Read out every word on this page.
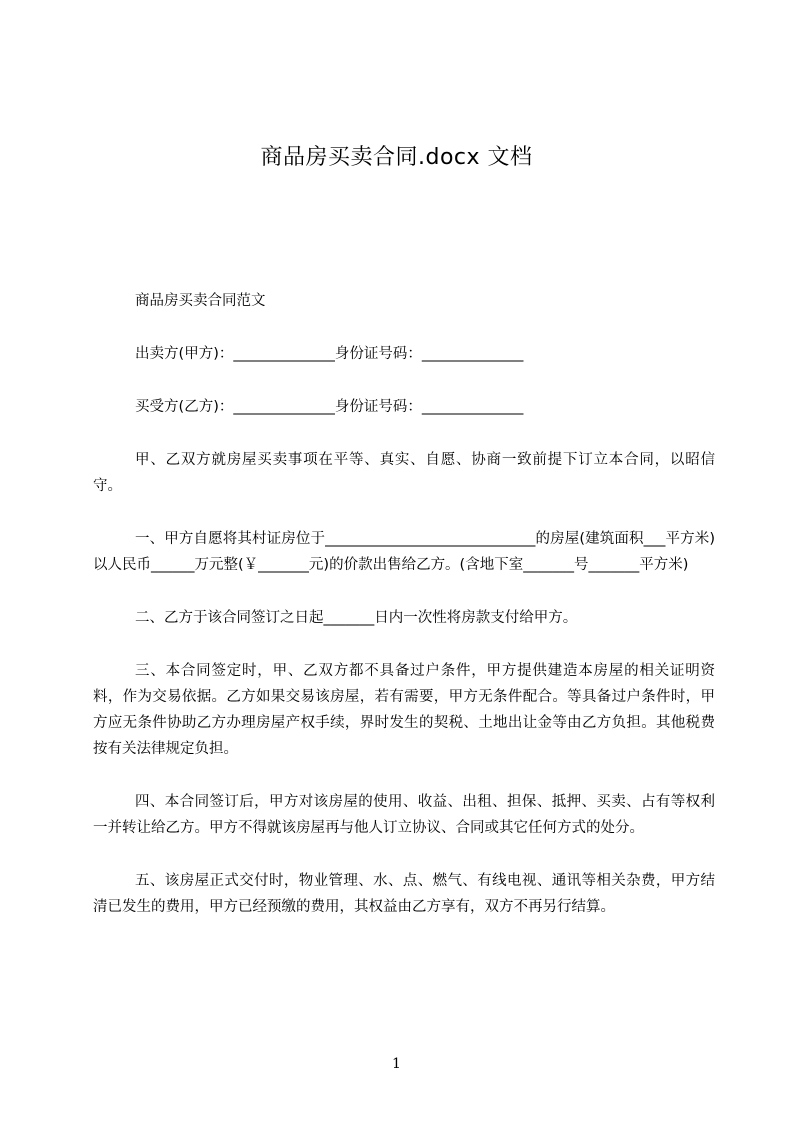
商品房买卖合同.docx 文档

商品房买卖合同范文

出卖方(甲方)：______________身份证号码：______________

买受方(乙方)：______________身份证号码：______________

甲、乙双方就房屋买卖事项在平等、真实、自愿、协商一致前提下订立本合同，以昭信守。

一、甲方自愿将其村证房位于_____________________________的房屋(建筑面积___平方米)以人民币______万元整(￥_______元)的价款出售给乙方。(含地下室_______号_______平方米)

二、乙方于该合同签订之日起_______日内一次性将房款支付给甲方。

三、本合同签定时，甲、乙双方都不具备过户条件，甲方提供建造本房屋的相关证明资料，作为交易依据。乙方如果交易该房屋，若有需要，甲方无条件配合。等具备过户条件时，甲方应无条件协助乙方办理房屋产权手续，界时发生的契税、土地出让金等由乙方负担。其他税费按有关法律规定负担。

四、本合同签订后，甲方对该房屋的使用、收益、出租、担保、抵押、买卖、占有等权利一并转让给乙方。甲方不得就该房屋再与他人订立协议、合同或其它任何方式的处分。

五、该房屋正式交付时，物业管理、水、点、燃气、有线电视、通讯等相关杂费，甲方结清已发生的费用，甲方已经预缴的费用，其权益由乙方享有，双方不再另行结算。

1
